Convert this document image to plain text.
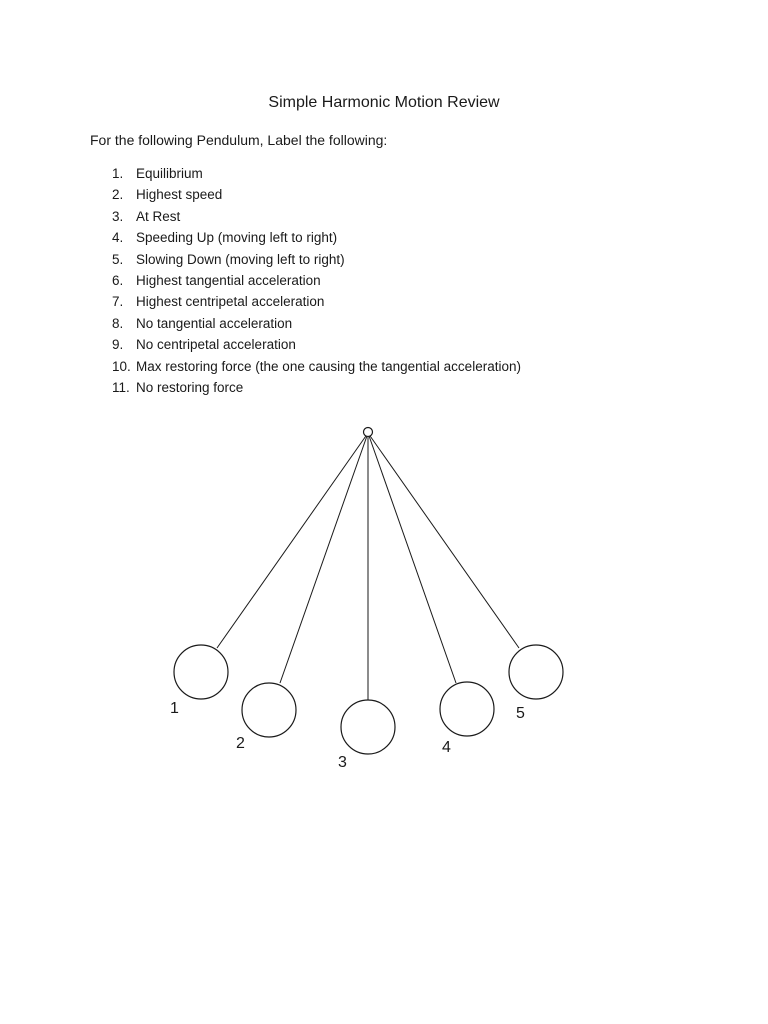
Simple Harmonic Motion Review
For the following Pendulum, Label the following:
1. Equilibrium
2. Highest speed
3. At Rest
4. Speeding Up (moving left to right)
5. Slowing Down (moving left to right)
6. Highest tangential acceleration
7. Highest centripetal acceleration
8. No tangential acceleration
9. No centripetal acceleration
10. Max restoring force (the one causing the tangential acceleration)
11. No restoring force
1
2
3
4
5
